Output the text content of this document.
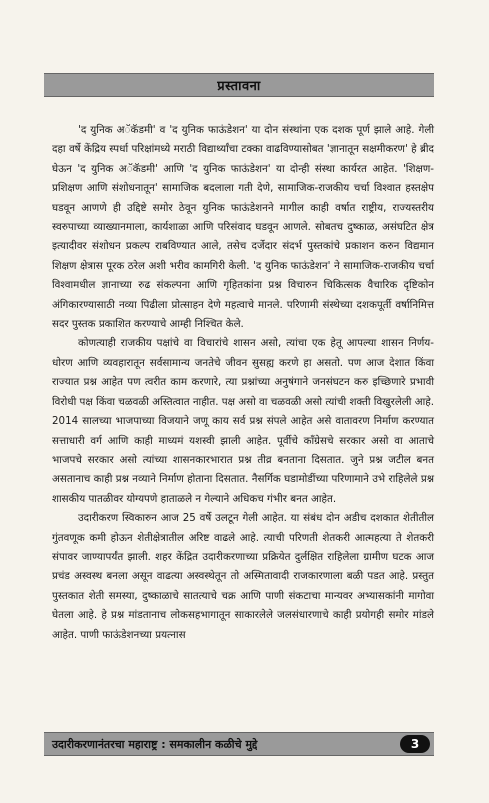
प्रस्तावना

'द युनिक अॅकॅडमी' व 'द युनिक फाऊंडेशन' या दोन संस्थांना एक दशक पूर्ण झाले आहे. गेली दहा वर्षे केंद्रिय स्पर्धा परिक्षांमध्ये मराठी विद्यार्थ्यांचा टक्का वाढविण्यासोबत 'ज्ञानातून सक्षमीकरण' हे ब्रीद घेऊन 'द युनिक अॅकॅडमी' आणि 'द युनिक फाऊंडेशन' या दोन्ही संस्था कार्यरत आहेत. 'शिक्षण-प्रशिक्षण आणि संशोधनातून' सामाजिक बदलाला गती देणे, सामाजिक-राजकीय चर्चा विश्वात हस्तक्षेप घडवून आणणे ही उद्दिष्टे समोर ठेवून युनिक फाऊंडेशनने मागील काही वर्षात राष्ट्रीय, राज्यस्तरीय स्वरुपाच्या व्याख्यानमाला, कार्यशाळा आणि परिसंवाद घडवून आणले. सोबतच दुष्काळ, असंघटित क्षेत्र इत्यादीवर संशोधन प्रकल्प राबविण्यात आले, तसेच दर्जेदार संदर्भ पुस्तकांचे प्रकाशन करुन विद्यमान शिक्षण क्षेत्रास पूरक ठरेल अशी भरीव कामगिरी केली. 'द युनिक फाऊंडेशन' ने सामाजिक-राजकीय चर्चा विश्वामधील ज्ञानाच्या रुढ संकल्पना आणि गृहितकांना प्रश्न विचारुन चिकित्सक वैचारिक दृष्टिकोन अंगिकारण्यासाठी नव्या पिढीला प्रोत्साहन देणे महत्वाचे मानले. परिणामी संस्थेच्या दशकपूर्ती वर्षानिमित्त सदर पुस्तक प्रकाशित करण्याचे आम्ही निश्चित केले.

कोणत्याही राजकीय पक्षांचे वा विचारांचे शासन असो, त्यांचा एक हेतू आपल्या शासन निर्णय-धोरण आणि व्यवहारातून सर्वसामान्य जनतेचे जीवन सुसह्य करणे हा असतो. पण आज देशात किंवा राज्यात प्रश्न आहेत पण त्वरीत काम करणारे, त्या प्रश्नांच्या अनुषंगाने जनसंघटन करु इच्छिणारे प्रभावी विरोधी पक्ष किंवा चळवळी अस्तित्वात नाहीत. पक्ष असो वा चळवळी असो त्यांची शक्ती विखुरलेली आहे. 2014 सालच्या भाजपाच्या विजयाने जणू काय सर्व प्रश्न संपले आहेत असे वातावरण निर्माण करण्यात सत्ताधारी वर्ग आणि काही माध्यमं यशस्वी झाली आहेत. पूर्वीचे काँग्रेसचे सरकार असो वा आताचे भाजपचे सरकार असो त्यांच्या शासनकारभारात प्रश्न तीव्र बनताना दिसतात. जुने प्रश्न जटील बनत असतानाच काही प्रश्न नव्याने निर्माण होताना दिसतात. नैसर्गिक घडामोडींच्या परिणामाने उभे राहिलेले प्रश्न शासकीय पातळीवर योग्यपणे हाताळले न गेल्याने अधिकच गंभीर बनत आहेत.

उदारीकरण स्विकारुन आज 25 वर्षे उलटून गेली आहेत. या संबंध दोन अडीच दशकात शेतीतील गुंतवणूक कमी होऊन शेतीक्षेत्रातील अरिष्ट वाढले आहे. त्याची परिणती शेतकरी आत्महत्या ते शेतकरी संपावर जाण्यापर्यंत झाली. शहर केंद्रित उदारीकरणाच्या प्रक्रियेत दुर्लक्षित राहिलेला ग्रामीण घटक आज प्रचंड अस्वस्थ बनला असून वाढत्या अस्वस्थेतून तो अस्मितावादी राजकारणाला बळी पडत आहे. प्रस्तुत पुस्तकात शेती समस्या, दुष्काळाचे सातत्याचे चक्र आणि पाणी संकटाचा मान्यवर अभ्यासकांनी मागोवा घेतला आहे. हे प्रश्न मांडतानाच लोकसहभागातून साकारलेले जलसंधारणाचे काही प्रयोगही समोर मांडले आहेत. पाणी फाऊंडेशनच्या प्रयत्नास

उदारीकरणानंतरचा महाराष्ट्र : समकालीन कळीचे मुद्दे	3
